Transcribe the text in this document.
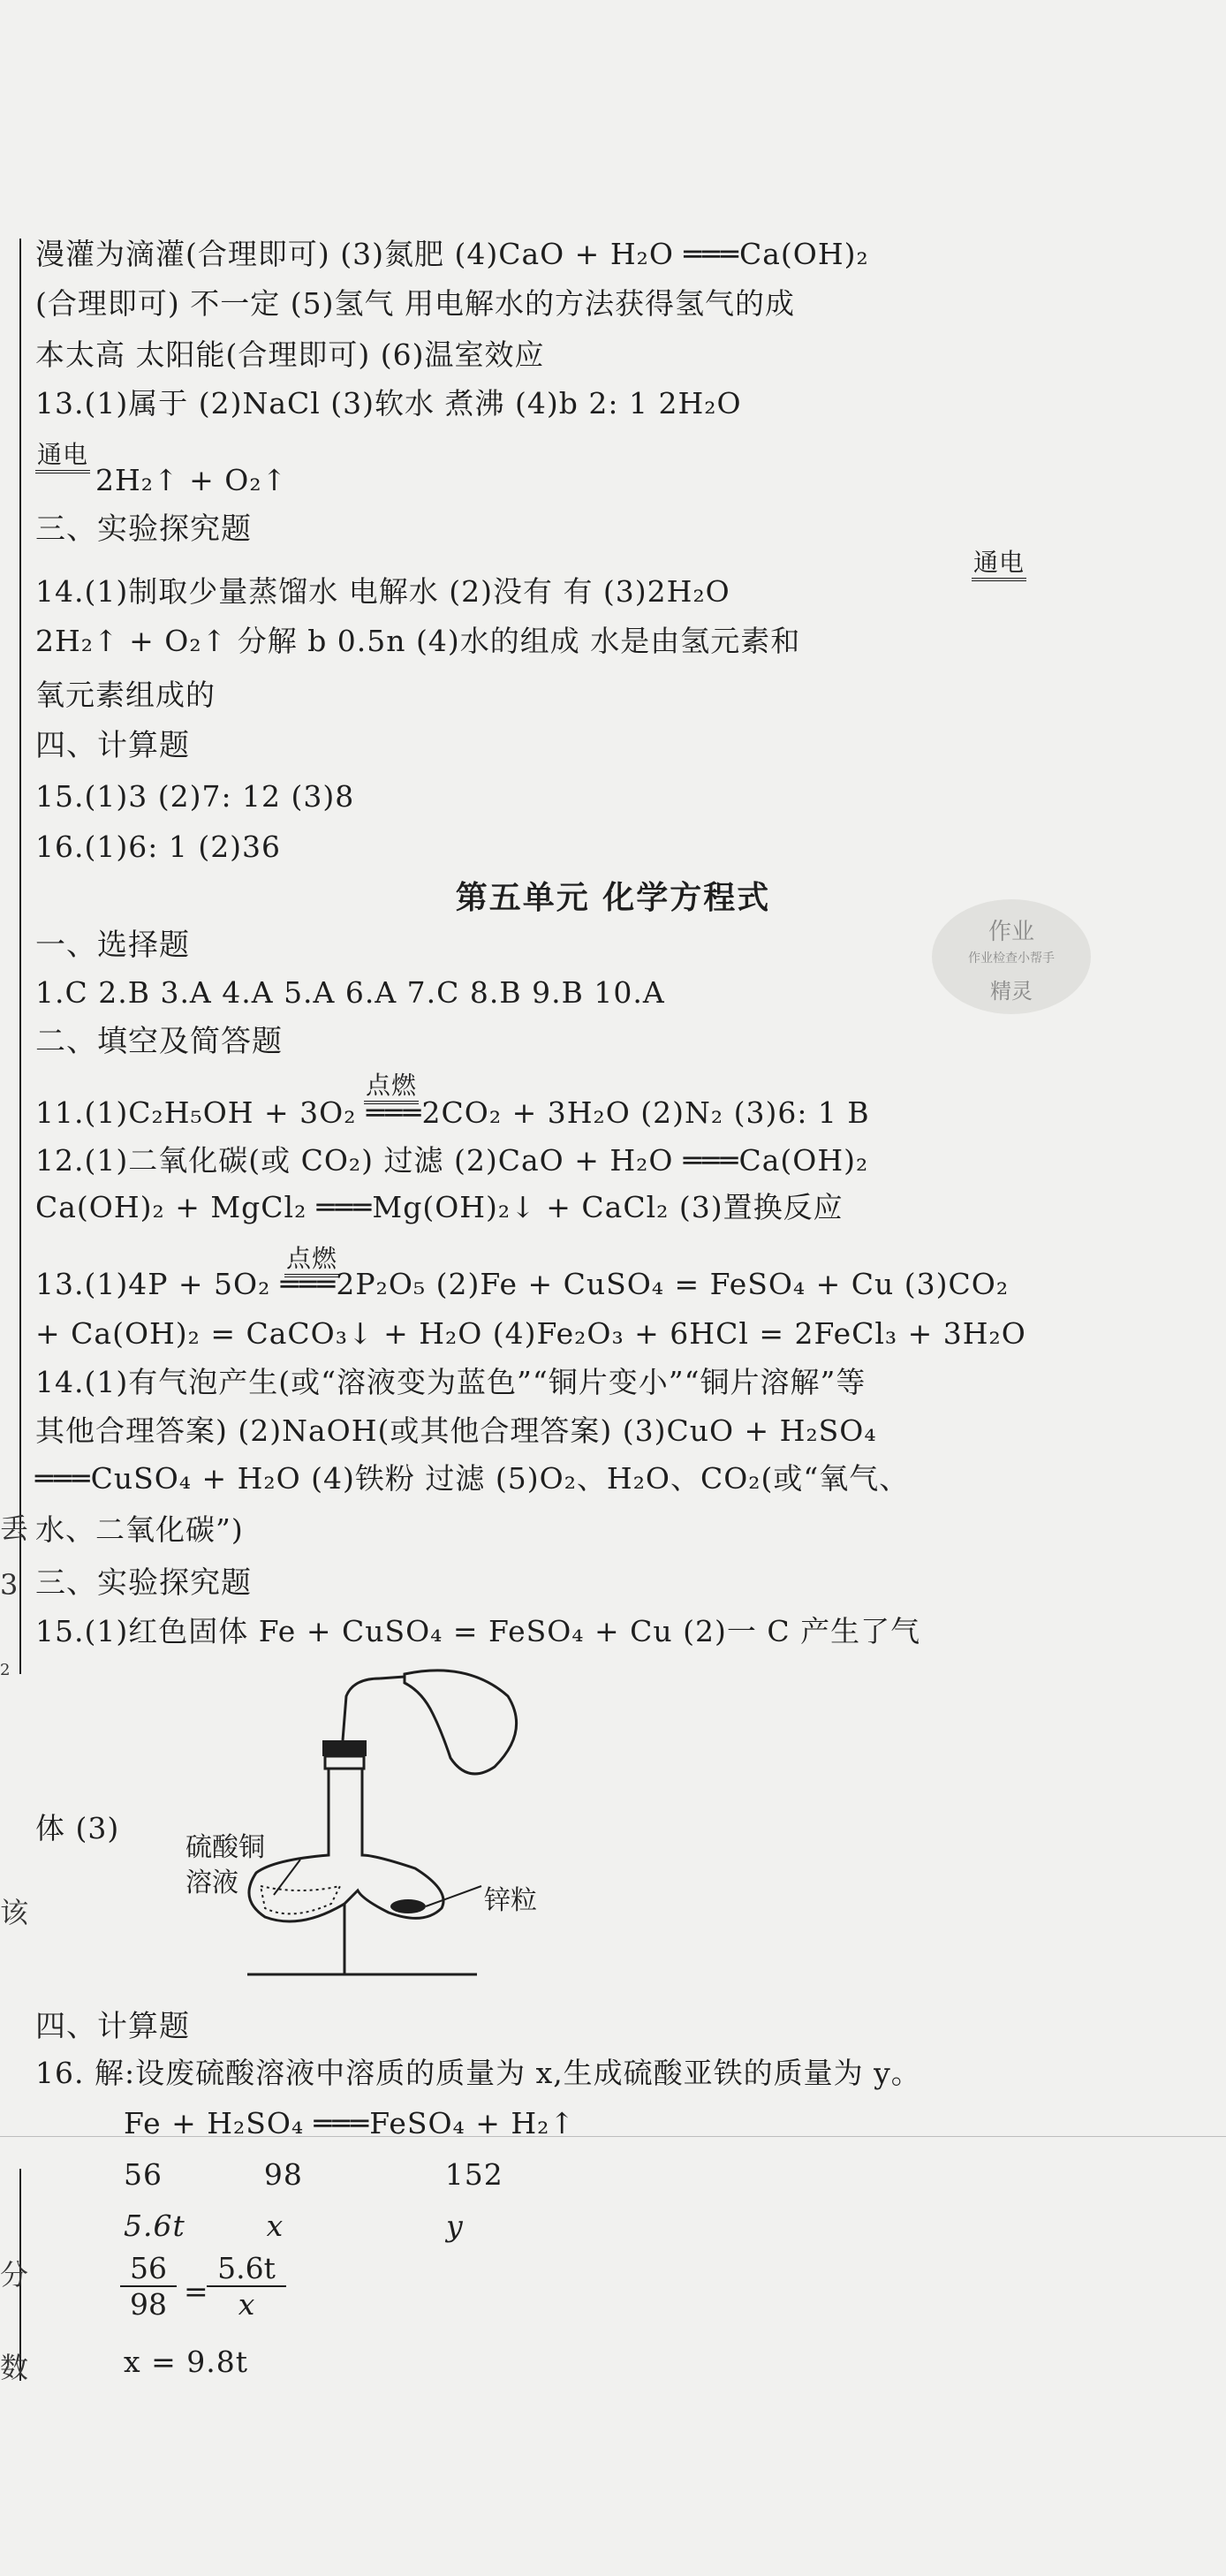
丢
3
2
该
分
数
漫灌为滴灌(合理即可) (3)氮肥 (4)CaO + H₂O ═══Ca(OH)₂
(合理即可) 不一定 (5)氢气 用电解水的方法获得氢气的成
本太高 太阳能(合理即可) (6)温室效应
13.(1)属于 (2)NaCl (3)软水 煮沸 (4)b 2: 1 2H₂O
通电
2H₂↑ + O₂↑
三、实验探究题
通电
14.(1)制取少量蒸馏水 电解水 (2)没有 有 (3)2H₂O
2H₂↑ + O₂↑ 分解 b 0.5n (4)水的组成 水是由氢元素和
氧元素组成的
四、计算题
15.(1)3 (2)7: 12 (3)8
16.(1)6: 1 (2)36
第五单元 化学方程式
作业
作业检查小帮手
精灵
一、选择题
1.C 2.B 3.A 4.A 5.A 6.A 7.C 8.B 9.B 10.A
二、填空及简答题
点燃
11.(1)C₂H₅OH + 3O₂ ═══2CO₂ + 3H₂O (2)N₂ (3)6: 1 B
12.(1)二氧化碳(或 CO₂) 过滤 (2)CaO + H₂O ═══Ca(OH)₂
Ca(OH)₂ + MgCl₂ ═══Mg(OH)₂↓ + CaCl₂ (3)置换反应
点燃
13.(1)4P + 5O₂ ═══2P₂O₅ (2)Fe + CuSO₄ = FeSO₄ + Cu (3)CO₂
+ Ca(OH)₂ = CaCO₃↓ + H₂O (4)Fe₂O₃ + 6HCl = 2FeCl₃ + 3H₂O
14.(1)有气泡产生(或“溶液变为蓝色”“铜片变小”“铜片溶解”等
其他合理答案) (2)NaOH(或其他合理答案) (3)CuO + H₂SO₄
═══CuSO₄ + H₂O (4)铁粉 过滤 (5)O₂、H₂O、CO₂(或“氧气、
水、二氧化碳”)
三、实验探究题
15.(1)红色固体 Fe + CuSO₄ = FeSO₄ + Cu (2)一 C 产生了气
体 (3)
硫酸铜
溶液
锌粒
四、计算题
16. 解:设废硫酸溶液中溶质的质量为 x,生成硫酸亚铁的质量为 y。
Fe + H₂SO₄ ═══FeSO₄ + H₂↑
56          98              152
5.6t        x                y
$\frac{56}{98}$ =
$\frac{5.6t}{x}$
x = 9.8t
